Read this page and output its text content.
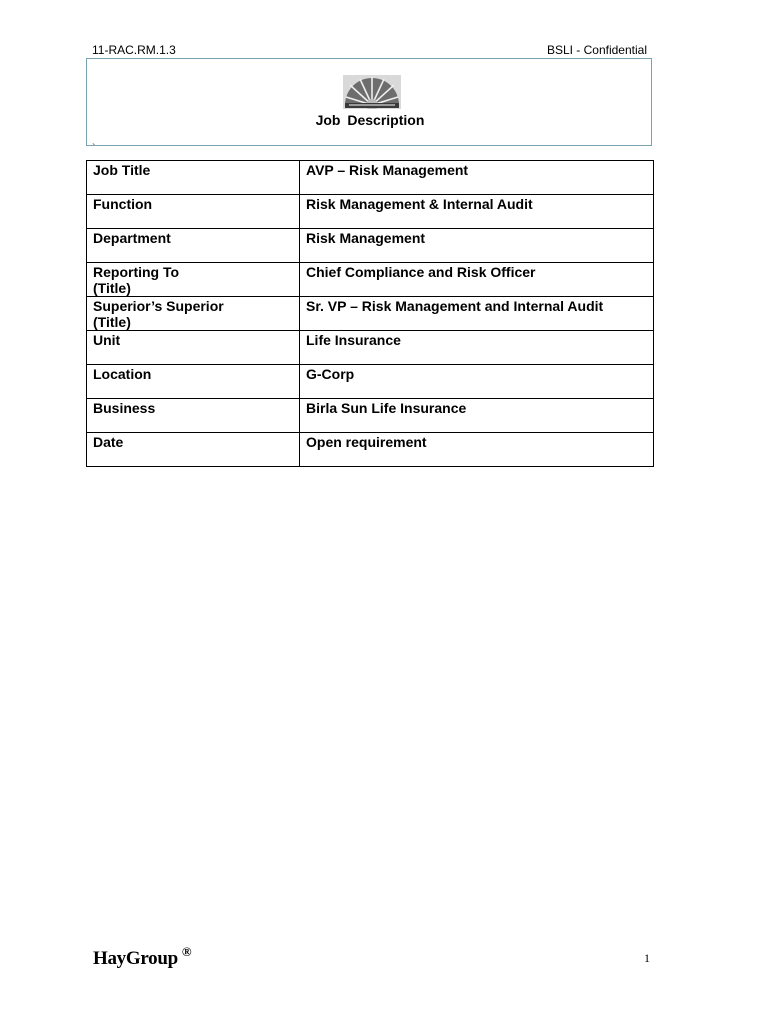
11-RAC.RM.1.3	BSLI - Confidential
Job Description
`
Job Title	AVP – Risk Management

Function	Risk Management & Internal Audit

Department	Risk Management

Reporting To
(Title)	Chief Compliance and Risk Officer

Superior’s Superior
(Title)	Sr. VP – Risk Management and Internal Audit

Unit	Life Insurance

Location	G-Corp

Business	Birla Sun Life Insurance

Date	Open requirement
HayGroup ®	1
